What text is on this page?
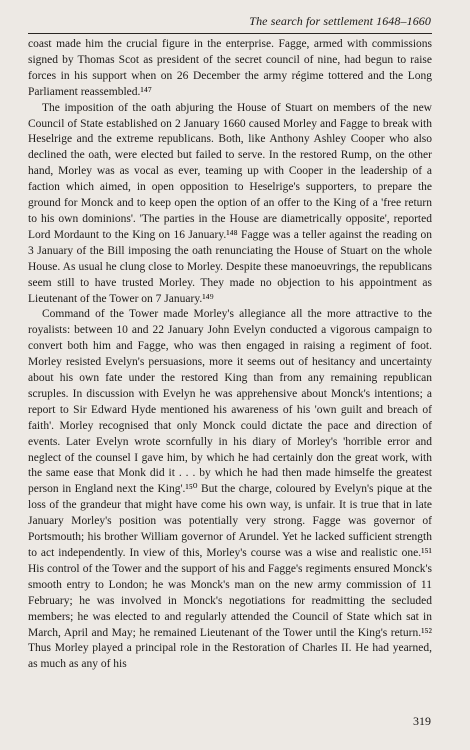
The search for settlement 1648–1660

coast made him the crucial figure in the enterprise. Fagge, armed with commissions signed by Thomas Scot as president of the secret council of nine, had begun to raise forces in his support when on 26 December the army régime tottered and the Long Parliament reassembled.¹⁴⁷

The imposition of the oath abjuring the House of Stuart on members of the new Council of State established on 2 January 1660 caused Morley and Fagge to break with Heselrige and the extreme republicans. Both, like Anthony Ashley Cooper who also declined the oath, were elected but failed to serve. In the restored Rump, on the other hand, Morley was as vocal as ever, teaming up with Cooper in the leadership of a faction which aimed, in open opposition to Heselrige's supporters, to prepare the ground for Monck and to keep open the option of an offer to the King of a 'free return to his own dominions'. 'The parties in the House are diametrically opposite', reported Lord Mordaunt to the King on 16 January.¹⁴⁸ Fagge was a teller against the reading on 3 January of the Bill imposing the oath renunciating the House of Stuart on the whole House. As usual he clung close to Morley. Despite these manoeuvrings, the republicans seem still to have trusted Morley. They made no objection to his appointment as Lieutenant of the Tower on 7 January.¹⁴⁹

Command of the Tower made Morley's allegiance all the more attractive to the royalists: between 10 and 22 January John Evelyn conducted a vigorous campaign to convert both him and Fagge, who was then engaged in raising a regiment of foot. Morley resisted Evelyn's persuasions, more it seems out of hesitancy and uncertainty about his own fate under the restored King than from any remaining republican scruples. In discussion with Evelyn he was apprehensive about Monck's intentions; a report to Sir Edward Hyde mentioned his awareness of his 'own guilt and breach of faith'. Morley recognised that only Monck could dictate the pace and direction of events. Later Evelyn wrote scornfully in his diary of Morley's 'horrible error and neglect of the counsel I gave him, by which he had certainly don the great work, with the same ease that Monk did it . . . by which he had then made himselfe the greatest person in England next the King'.¹⁵⁰ But the charge, coloured by Evelyn's pique at the loss of the grandeur that might have come his own way, is unfair. It is true that in late January Morley's position was potentially very strong. Fagge was governor of Portsmouth; his brother William governor of Arundel. Yet he lacked sufficient strength to act independently. In view of this, Morley's course was a wise and realistic one.¹⁵¹ His control of the Tower and the support of his and Fagge's regiments ensured Monck's smooth entry to London; he was Monck's man on the new army commission of 11 February; he was involved in Monck's negotiations for readmitting the secluded members; he was elected to and regularly attended the Council of State which sat in March, April and May; he remained Lieutenant of the Tower until the King's return.¹⁵² Thus Morley played a principal role in the Restoration of Charles II. He had yearned, as much as any of his

319
